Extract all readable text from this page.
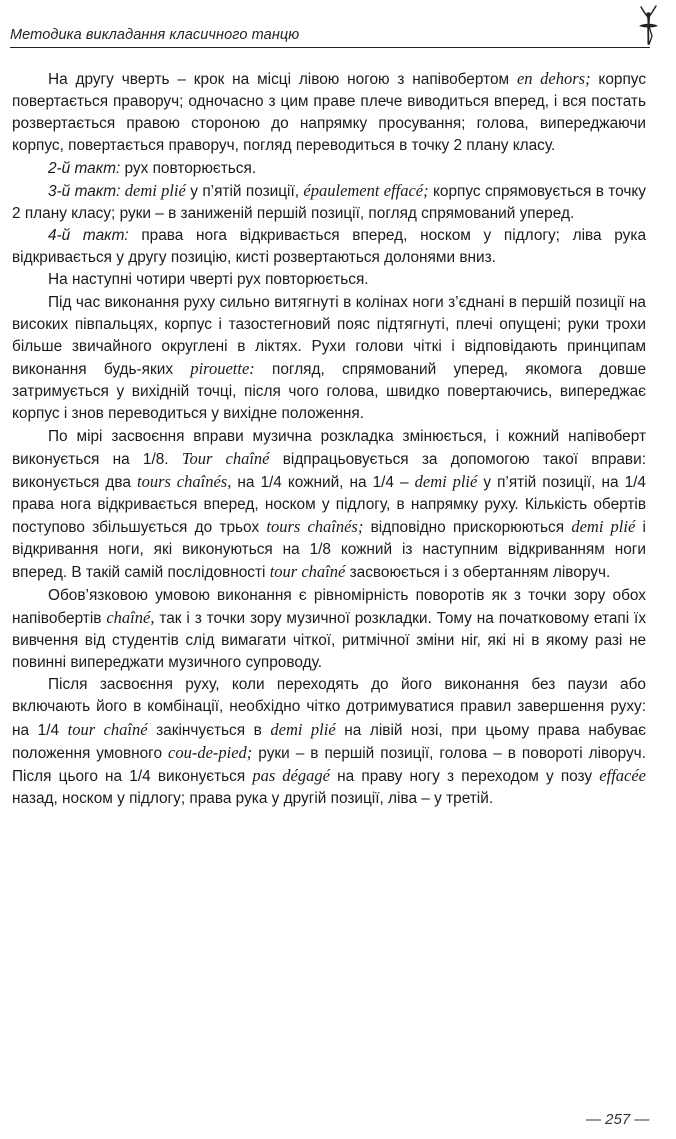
Методика викладання класичного танцю

На другу чверть – крок на місці лівою ногою з напівобертом en dehors; корпус повертається праворуч; одночасно з цим праве плече виводиться вперед, і вся постать розвертається правою стороною до напрямку просування; голова, випереджаючи корпус, повертається праворуч, погляд переводиться в точку 2 плану класу.

2-й такт: рух повторюється.

3-й такт: demi plié у п’ятій позиції, épaulement effacé; корпус спрямовується в точку 2 плану класу; руки – в заниженій першій позиції, погляд спрямований уперед.

4-й такт: права нога відкривається вперед, носком у підлогу; ліва рука відкривається у другу позицію, кисті розвертаються долонями вниз.

На наступні чотири чверті рух повторюється.

Під час виконання руху сильно витягнуті в колінах ноги з’єднані в першій позиції на високих півпальцях, корпус і тазостегновий пояс підтягнуті, плечі опущені; руки трохи більше звичайного округлені в ліктях. Рухи голови чіткі і відповідають принципам виконання будь-яких pirouette: погляд, спрямований уперед, якомога довше затримується у вихідній точці, після чого голова, швидко повертаючись, випереджає корпус і знов переводиться у вихідне положення.

По мірі засвоєння вправи музична розкладка змінюється, і кожний напівоберт виконується на 1/8. Tour chaîné відпрацьовується за допомогою такої вправи: виконується два tours chaînés, на 1/4 кожний, на 1/4 – demi plié у п’ятій позиції, на 1/4 права нога відкривається вперед, носком у підлогу, в напрямку руху. Кількість обертів поступово збільшується до трьох tours chaînés; відповідно прискорюються demi plié і відкривання ноги, які виконуються на 1/8 кожний із наступним відкриванням ноги вперед. В такій самій послідовності tour chaîné засвоюється і з обертанням ліворуч.

Обов’язковою умовою виконання є рівномірність поворотів як з точки зору обох напівобертів chaîné, так і з точки зору музичної розкладки. Тому на початковому етапі їх вивчення від студентів слід вимагати чіткої, ритмічної зміни ніг, які ні в якому разі не повинні випереджати музичного супроводу.

Після засвоєння руху, коли переходять до його виконання без паузи або включають його в комбінації, необхідно чітко дотримуватися правил завершення руху: на 1/4 tour chaîné закінчується в demi plié на лівій нозі, при цьому права набуває положення умовного cou-de-pied; руки – в першій позиції, голова – в повороті ліворуч. Після цього на 1/4 виконується pas dégagé на праву ногу з переходом у позу effacée назад, носком у підлогу; права рука у другій позиції, ліва – у третій.

— 257 —
